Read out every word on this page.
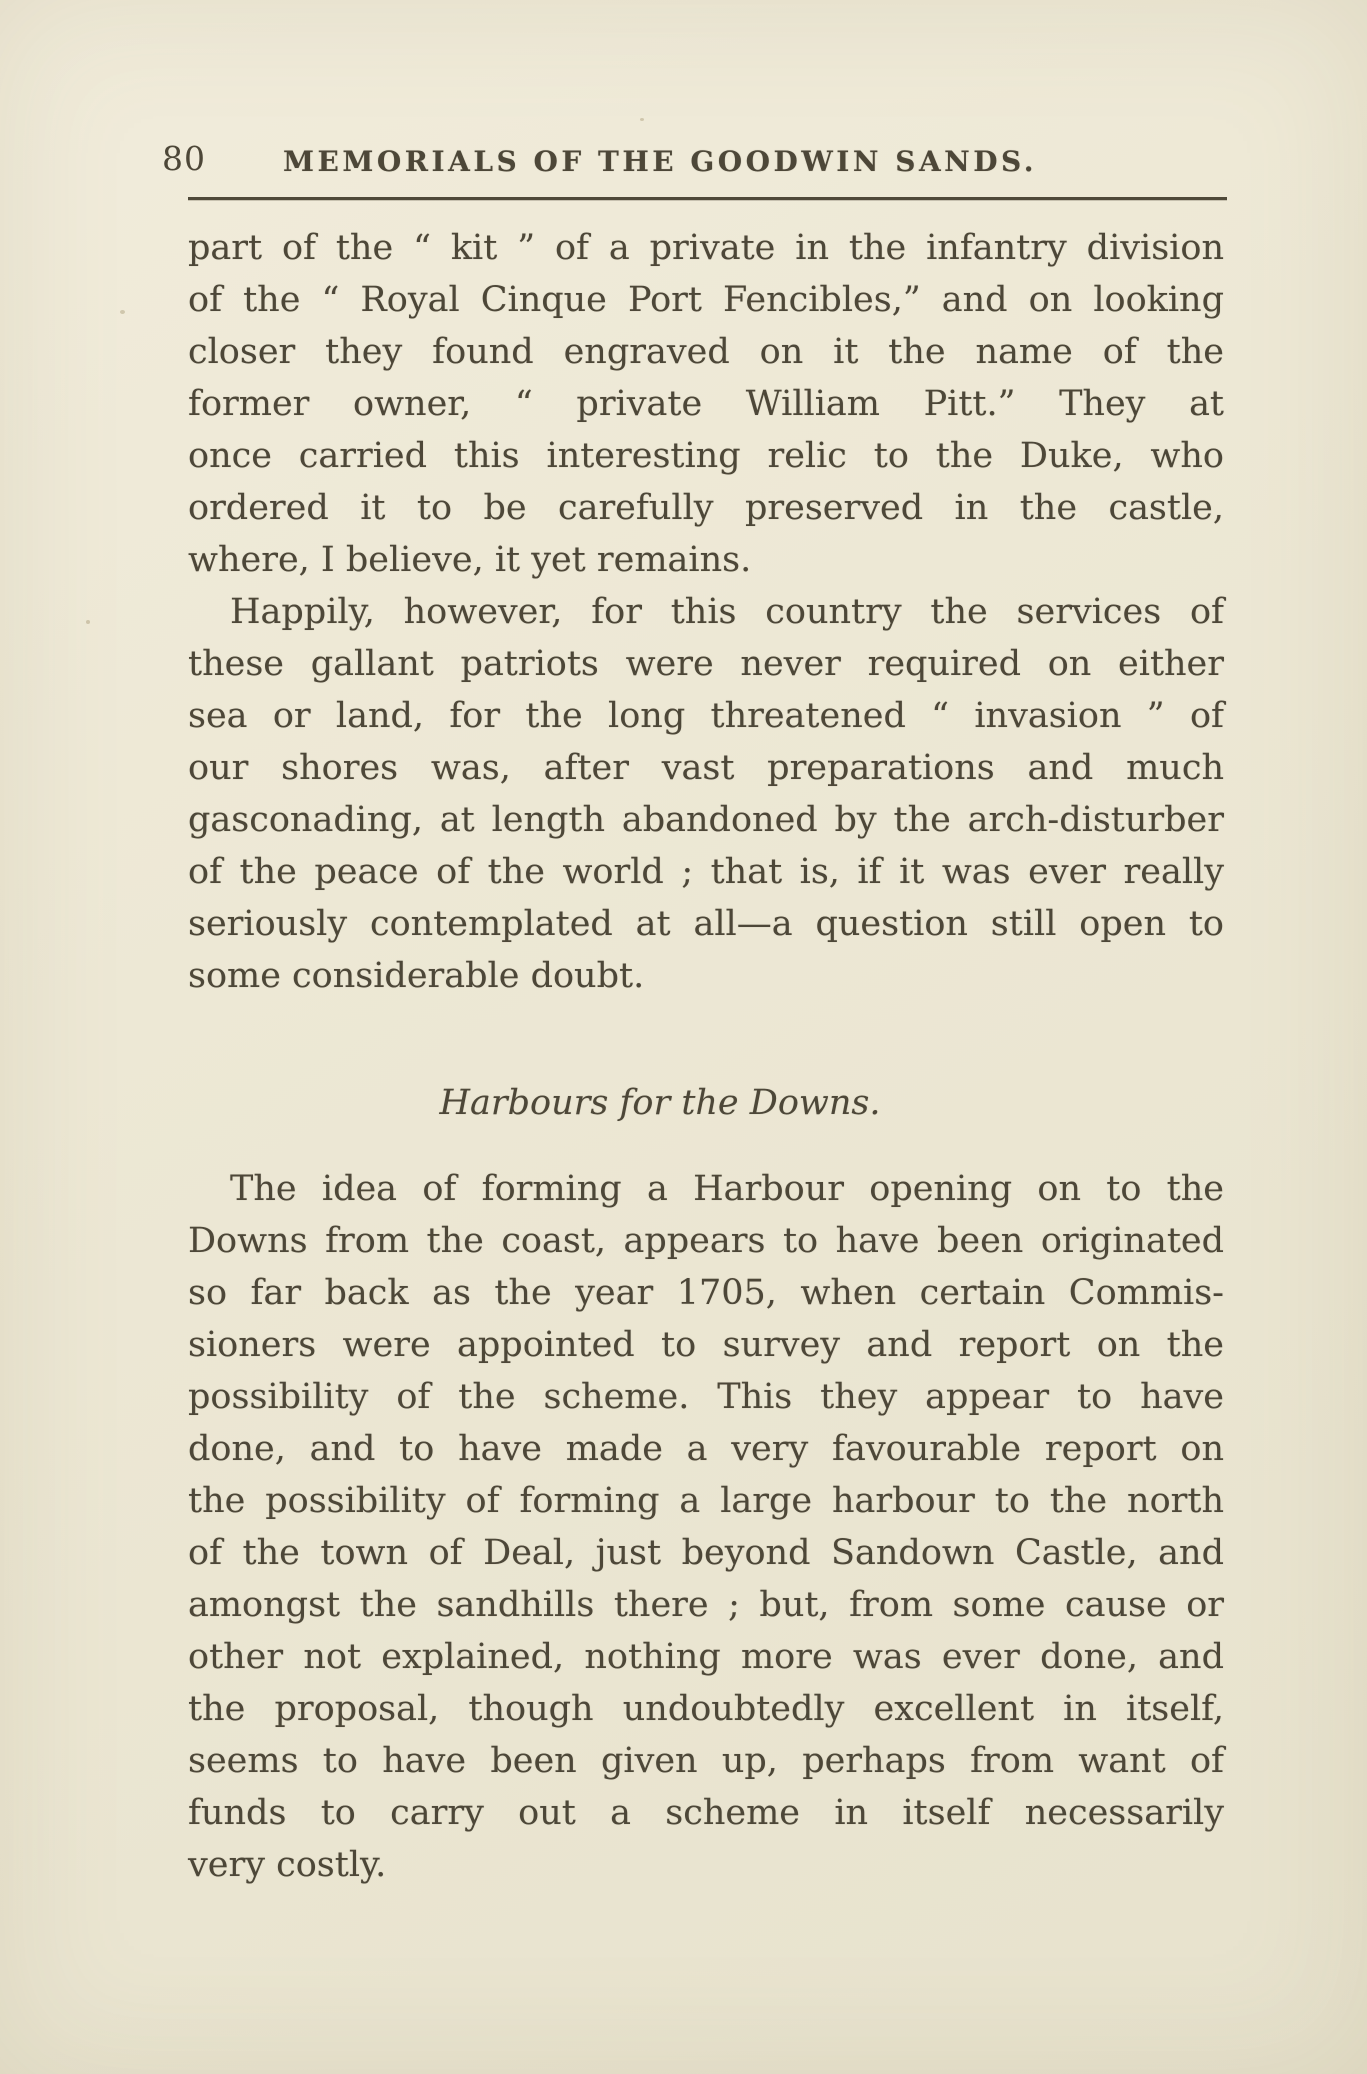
80	MEMORIALS OF THE GOODWIN SANDS.
part of the “ kit ” of a private in the infantry division
of the “ Royal Cinque Port Fencibles,” and on looking
closer they found engraved on it the name of the
former owner, “ private William Pitt.” They at
once carried this interesting relic to the Duke, who
ordered it to be carefully preserved in the castle,
where, I believe, it yet remains.
Happily, however, for this country the services of
these gallant patriots were never required on either
sea or land, for the long threatened “ invasion ” of
our shores was, after vast preparations and much
gasconading, at length abandoned by the arch-disturber
of the peace of the world ; that is, if it was ever really
seriously contemplated at all—a question still open to
some considerable doubt.
Harbours for the Downs.
The idea of forming a Harbour opening on to the
Downs from the coast, appears to have been originated
so far back as the year 1705, when certain Commis-
sioners were appointed to survey and report on the
possibility of the scheme. This they appear to have
done, and to have made a very favourable report on
the possibility of forming a large harbour to the north
of the town of Deal, just beyond Sandown Castle, and
amongst the sandhills there ; but, from some cause or
other not explained, nothing more was ever done, and
the proposal, though undoubtedly excellent in itself,
seems to have been given up, perhaps from want of
funds to carry out a scheme in itself necessarily
very costly.
